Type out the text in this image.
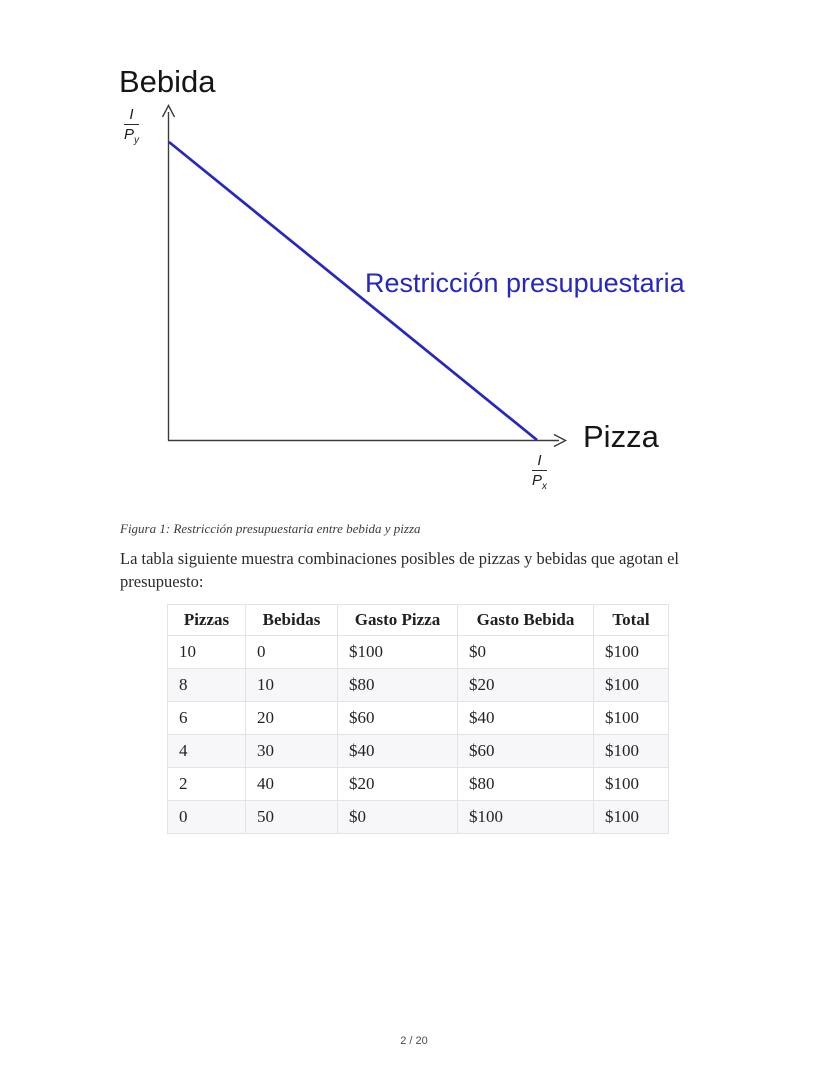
Bebida
$\frac{I}{P_y}$
Restricción presupuestaria
Pizza
$\frac{I}{P_x}$
Figura 1: Restricción presupuestaria entre bebida y pizza
La tabla siguiente muestra combinaciones posibles de pizzas y bebidas que agotan el presupuesto:
Pizzas	Bebidas	Gasto Pizza	Gasto Bebida	Total
10	0	$100	$0	$100
8	10	$80	$20	$100
6	20	$60	$40	$100
4	30	$40	$60	$100
2	40	$20	$80	$100
0	50	$0	$100	$100
2 / 20
